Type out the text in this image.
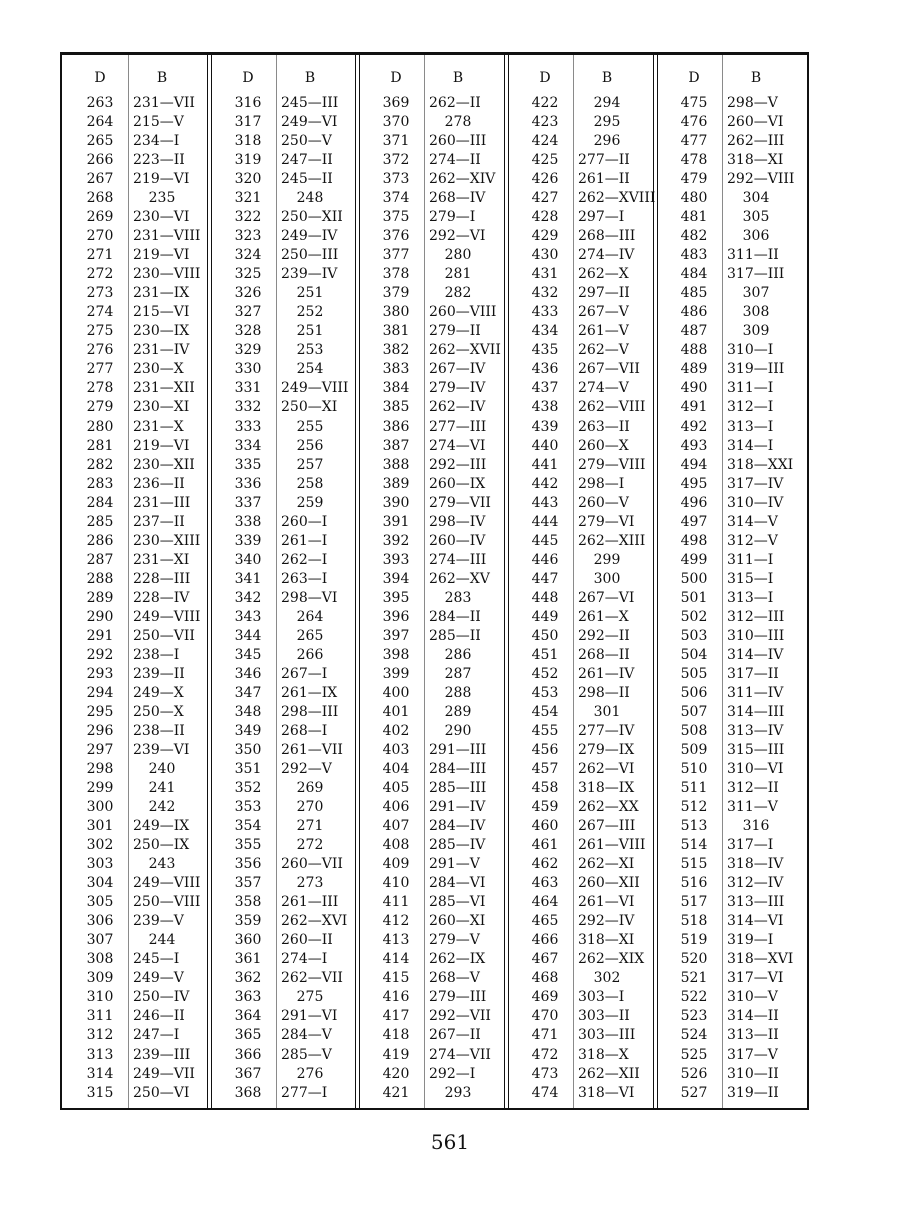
D	B
263	231—VII
264	215—V
265	234—I
266	223—II
267	219—VI
268	235
269	230—VI
270	231—VIII
271	219—VI
272	230—VIII
273	231—IX
274	215—VI
275	230—IX
276	231—IV
277	230—X
278	231—XII
279	230—XI
280	231—X
281	219—VI
282	230—XII
283	236—II
284	231—III
285	237—II
286	230—XIII
287	231—XI
288	228—III
289	228—IV
290	249—VIII
291	250—VII
292	238—I
293	239—II
294	249—X
295	250—X
296	238—II
297	239—VI
298	240
299	241
300	242
301	249—IX
302	250—IX
303	243
304	249—VIII
305	250—VIII
306	239—V
307	244
308	245—I
309	249—V
310	250—IV
311	246—II
312	247—I
313	239—III
314	249—VII
315	250—VI
D	B
316	245—III
317	249—VI
318	250—V
319	247—II
320	245—II
321	248
322	250—XII
323	249—IV
324	250—III
325	239—IV
326	251
327	252
328	251
329	253
330	254
331	249—VIII
332	250—XI
333	255
334	256
335	257
336	258
337	259
338	260—I
339	261—I
340	262—I
341	263—I
342	298—VI
343	264
344	265
345	266
346	267—I
347	261—IX
348	298—III
349	268—I
350	261—VII
351	292—V
352	269
353	270
354	271
355	272
356	260—VII
357	273
358	261—III
359	262—XVI
360	260—II
361	274—I
362	262—VII
363	275
364	291—VI
365	284—V
366	285—V
367	276
368	277—I
D	B
369	262—II
370	278
371	260—III
372	274—II
373	262—XIV
374	268—IV
375	279—I
376	292—VI
377	280
378	281
379	282
380	260—VIII
381	279—II
382	262—XVII
383	267—IV
384	279—IV
385	262—IV
386	277—III
387	274—VI
388	292—III
389	260—IX
390	279—VII
391	298—IV
392	260—IV
393	274—III
394	262—XV
395	283
396	284—II
397	285—II
398	286
399	287
400	288
401	289
402	290
403	291—III
404	284—III
405	285—III
406	291—IV
407	284—IV
408	285—IV
409	291—V
410	284—VI
411	285—VI
412	260—XI
413	279—V
414	262—IX
415	268—V
416	279—III
417	292—VII
418	267—II
419	274—VII
420	292—I
421	293
D	B
422	294
423	295
424	296
425	277—II
426	261—II
427	262—XVIII
428	297—I
429	268—III
430	274—IV
431	262—X
432	297—II
433	267—V
434	261—V
435	262—V
436	267—VII
437	274—V
438	262—VIII
439	263—II
440	260—X
441	279—VIII
442	298—I
443	260—V
444	279—VI
445	262—XIII
446	299
447	300
448	267—VI
449	261—X
450	292—II
451	268—II
452	261—IV
453	298—II
454	301
455	277—IV
456	279—IX
457	262—VI
458	318—IX
459	262—XX
460	267—III
461	261—VIII
462	262—XI
463	260—XII
464	261—VI
465	292—IV
466	318—XI
467	262—XIX
468	302
469	303—I
470	303—II
471	303—III
472	318—X
473	262—XII
474	318—VI
D	B
475	298—V
476	260—VI
477	262—III
478	318—XI
479	292—VIII
480	304
481	305
482	306
483	311—II
484	317—III
485	307
486	308
487	309
488	310—I
489	319—III
490	311—I
491	312—I
492	313—I
493	314—I
494	318—XXI
495	317—IV
496	310—IV
497	314—V
498	312—V
499	311—I
500	315—I
501	313—I
502	312—III
503	310—III
504	314—IV
505	317—II
506	311—IV
507	314—III
508	313—IV
509	315—III
510	310—VI
511	312—II
512	311—V
513	316
514	317—I
515	318—IV
516	312—IV
517	313—III
518	314—VI
519	319—I
520	318—XVI
521	317—VI
522	310—V
523	314—II
524	313—II
525	317—V
526	310—II
527	319—II
561
